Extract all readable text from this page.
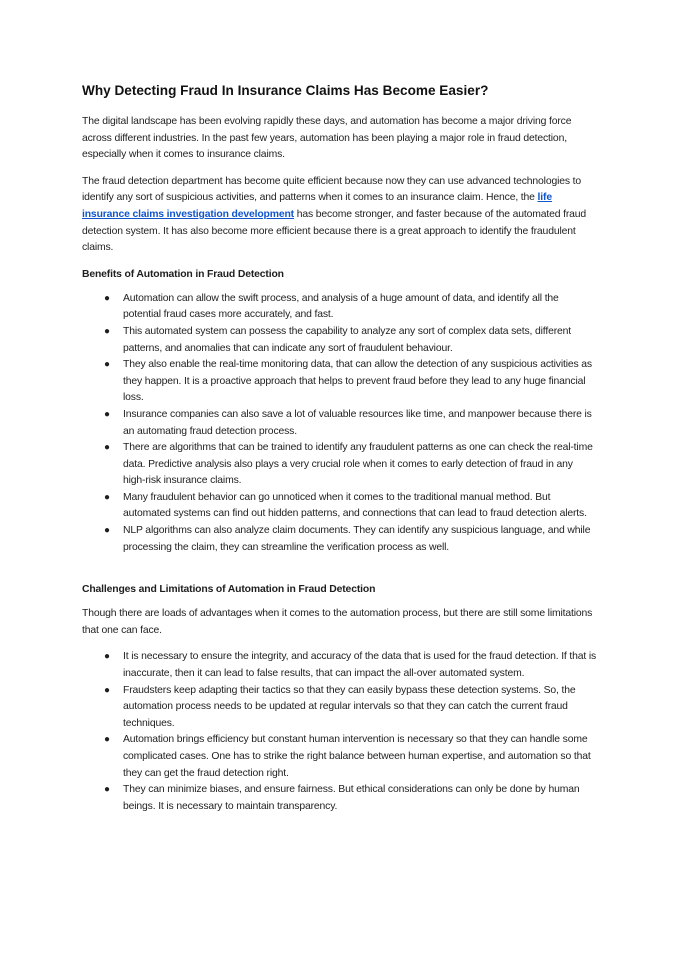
Why Detecting Fraud In Insurance Claims Has Become Easier?

The digital landscape has been evolving rapidly these days, and automation has become a major driving force across different industries. In the past few years, automation has been playing a major role in fraud detection, especially when it comes to insurance claims.

The fraud detection department has become quite efficient because now they can use advanced technologies to identify any sort of suspicious activities, and patterns when it comes to an insurance claim. Hence, the life insurance claims investigation development has become stronger, and faster because of the automated fraud detection system. It has also become more efficient because there is a great approach to identify the fraudulent claims.

Benefits of Automation in Fraud Detection
● Automation can allow the swift process, and analysis of a huge amount of data, and identify all the potential fraud cases more accurately, and fast.
● This automated system can possess the capability to analyze any sort of complex data sets, different patterns, and anomalies that can indicate any sort of fraudulent behaviour.
● They also enable the real-time monitoring data, that can allow the detection of any suspicious activities as they happen. It is a proactive approach that helps to prevent fraud before they lead to any huge financial loss.
● Insurance companies can also save a lot of valuable resources like time, and manpower because there is an automating fraud detection process.
● There are algorithms that can be trained to identify any fraudulent patterns as one can check the real-time data. Predictive analysis also plays a very crucial role when it comes to early detection of fraud in any high-risk insurance claims.
● Many fraudulent behavior can go unnoticed when it comes to the traditional manual method. But automated systems can find out hidden patterns, and connections that can lead to fraud detection alerts.
● NLP algorithms can also analyze claim documents. They can identify any suspicious language, and while processing the claim, they can streamline the verification process as well.
Challenges and Limitations of Automation in Fraud Detection

Though there are loads of advantages when it comes to the automation process, but there are still some limitations that one can face.

● It is necessary to ensure the integrity, and accuracy of the data that is used for the fraud detection. If that is inaccurate, then it can lead to false results, that can impact the all-over automated system.
● Fraudsters keep adapting their tactics so that they can easily bypass these detection systems. So, the automation process needs to be updated at regular intervals so that they can catch the current fraud techniques.
● Automation brings efficiency but constant human intervention is necessary so that they can handle some complicated cases. One has to strike the right balance between human expertise, and automation so that they can get the fraud detection right.
● They can minimize biases, and ensure fairness. But ethical considerations can only be done by human beings. It is necessary to maintain transparency.
